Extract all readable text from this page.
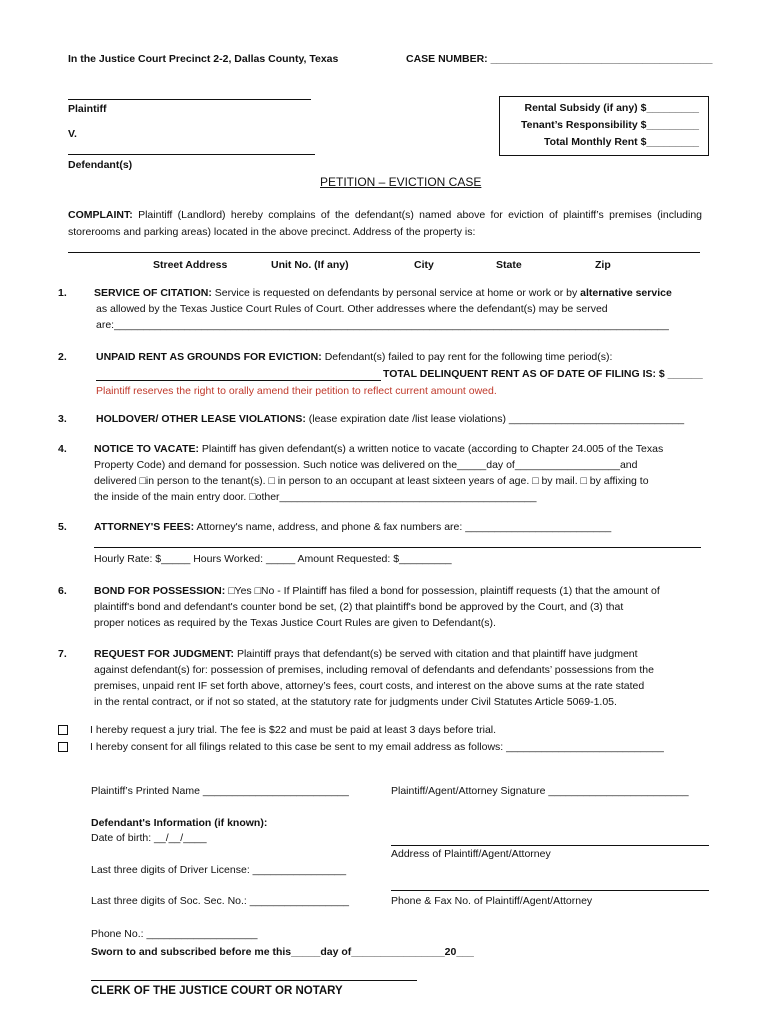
In the Justice Court Precinct 2-2, Dallas County, Texas	CASE NUMBER: ______________________________________
Plaintiff
V.
Defendant(s)
Rental Subsidy (if any) $_________
Tenant’s Responsibility $_________
Total Monthly Rent $_________
PETITION – EVICTION CASE
COMPLAINT: Plaintiff (Landlord) hereby complains of the defendant(s) named above for eviction of plaintiff’s premises (including storerooms and parking areas) located in the above precinct. Address of the property is:
Street Address	Unit No. (If any)	City	State	Zip
1.	SERVICE OF CITATION: Service is requested on defendants by personal service at home or work or by alternative service
as allowed by the Texas Justice Court Rules of Court. Other addresses where the defendant(s) may be served
are:_______________________________________________________________________________________________
2.	UNPAID RENT AS GROUNDS FOR EVICTION: Defendant(s) failed to pay rent for the following time period(s):
TOTAL DELINQUENT RENT AS OF DATE OF FILING IS: $ ______
Plaintiff reserves the right to orally amend their petition to reflect current amount owed.
3.	HOLDOVER/ OTHER LEASE VIOLATIONS: (lease expiration date /list lease violations) ______________________________
4.	NOTICE TO VACATE: Plaintiff has given defendant(s) a written notice to vacate (according to Chapter 24.005 of the Texas
Property Code) and demand for possession. Such notice was delivered on the_____day of__________________and
delivered □in person to the tenant(s). □ in person to an occupant at least sixteen years of age. □ by mail. □ by affixing to
the inside of the main entry door. □other____________________________________________
5.	ATTORNEY'S FEES: Attorney's name, address, and phone & fax numbers are: _________________________
Hourly Rate: $_____ Hours Worked: _____ Amount Requested: $_________
6.	BOND FOR POSSESSION: □Yes □No - If Plaintiff has filed a bond for possession, plaintiff requests (1) that the amount of
plaintiff's bond and defendant's counter bond be set, (2) that plaintiff's bond be approved by the Court, and (3) that
proper notices as required by the Texas Justice Court Rules are given to Defendant(s).
7.	REQUEST FOR JUDGMENT: Plaintiff prays that defendant(s) be served with citation and that plaintiff have judgment
against defendant(s) for: possession of premises, including removal of defendants and defendants’ possessions from the
premises, unpaid rent IF set forth above, attorney’s fees, court costs, and interest on the above sums at the rate stated
in the rental contract, or if not so stated, at the statutory rate for judgments under Civil Statutes Article 5069-1.05.
I hereby request a jury trial. The fee is $22 and must be paid at least 3 days before trial.
I hereby consent for all filings related to this case be sent to my email address as follows: ___________________________
Plaintiff’s Printed Name _________________________	Plaintiff/Agent/Attorney Signature ________________________
Defendant's Information (if known):
Date of birth: __/__/____
Address of Plaintiff/Agent/Attorney
Last three digits of Driver License: ________________
Last three digits of Soc. Sec. No.: _________________	Phone & Fax No. of Plaintiff/Agent/Attorney
Phone No.: ___________________
Sworn to and subscribed before me this_____day of________________20___
CLERK OF THE JUSTICE COURT OR NOTARY
